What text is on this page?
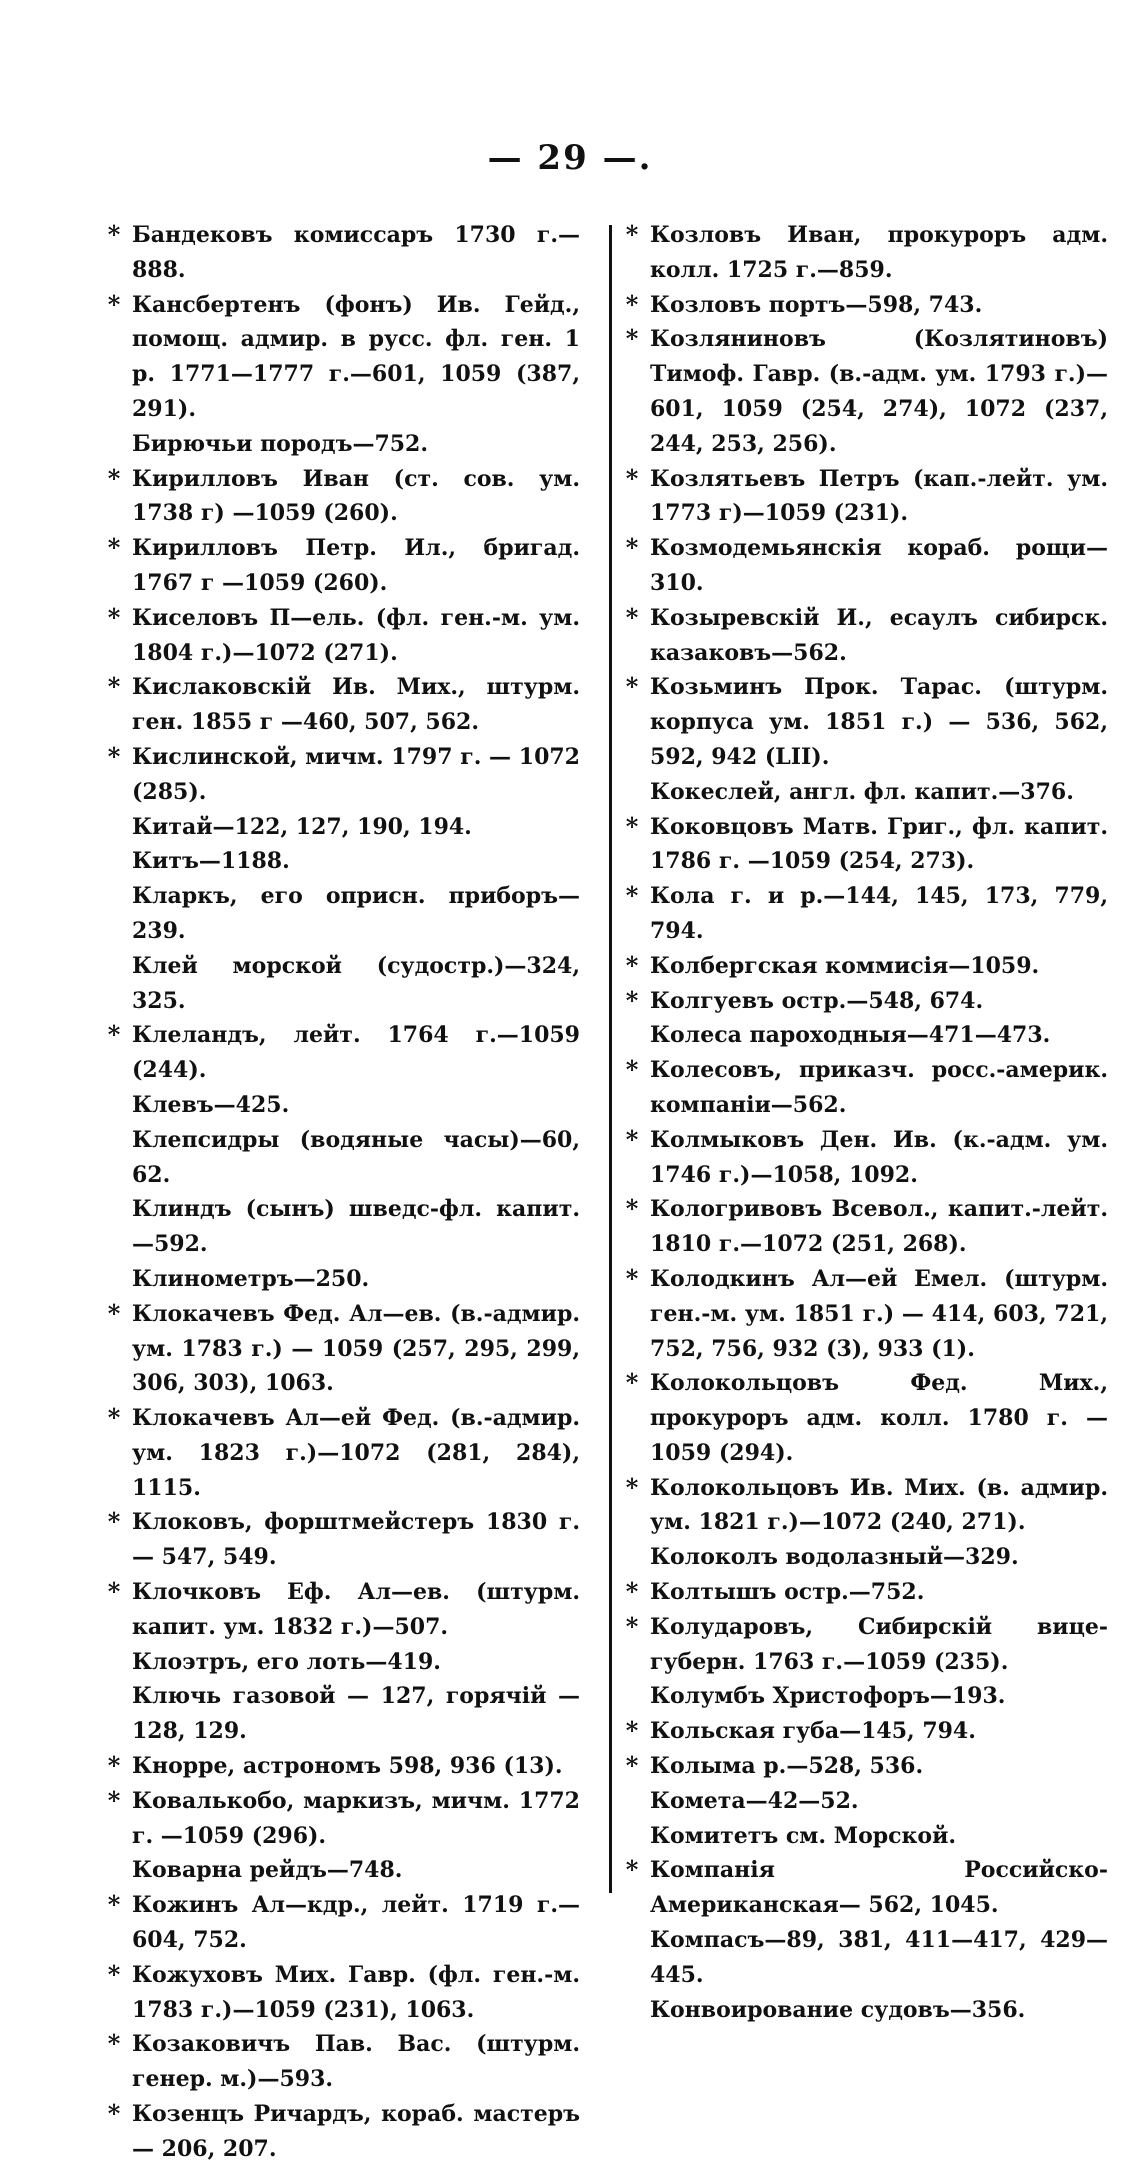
— 29 —.
* Бандековъ комиссаръ 1730 г.—888.
* Кансбертенъ (фонъ) Ив. Гейд., помощ. адмир. в русс. фл. ген. 1 р. 1771—1777 г.—601, 1059 (387, 291).
Бирючьи породъ—752.
* Кирилловъ Иван (ст. сов. ум. 1738 г) —1059 (260).
* Кирилловъ Петр. Ил., бригад. 1767 г —1059 (260).
* Киселовъ П—ель. (фл. ген.-м. ум. 1804 г.)—1072 (271).
* Кислаковскій Ив. Мих., штурм. ген. 1855 г —460, 507, 562.
* Кислинской, мичм. 1797 г. — 1072 (285).
Китай—122, 127, 190, 194.
Китъ—1188.
Кларкъ, его оприсн. приборъ—239.
Клей морской (судостр.)—324, 325.
* Клеландъ, лейт. 1764 г.—1059 (244).
Клевъ—425.
Клепсидры (водяные часы)—60, 62.
Клиндъ (сынъ) шведс-фл. капит.—592.
Клинометръ—250.
* Клокачевъ Фед. Ал—ев. (в.-адмир. ум. 1783 г.) — 1059 (257, 295, 299, 306, 303), 1063.
* Клокачевъ Ал—ей Фед. (в.-адмир. ум. 1823 г.)—1072 (281, 284), 1115.
* Клоковъ, форштмейстеръ 1830 г. — 547, 549.
* Клочковъ Еф. Ал—ев. (штурм. капит. ум. 1832 г.)—507.
Клоэтръ, его лоть—419.
Ключь газовой — 127, горячій — 128, 129.
* Кнорре, астрономъ 598, 936 (13).
* Ковалькобо, маркизъ, мичм. 1772 г. —1059 (296).
Коварна рейдъ—748.
* Кожинъ Ал—кдр., лейт. 1719 г.— 604, 752.
* Кожуховъ Мих. Гавр. (фл. ген.-м. 1783 г.)—1059 (231), 1063.
* Козаковичъ Пав. Вас. (штурм. генер. м.)—593.
* Козенцъ Ричардъ, кораб. мастеръ— 206, 207.
* Козловъ Иван, прокуроръ адм. колл. 1725 г.—859.
* Козловъ портъ—598, 743.
* Козляниновъ (Козлятиновъ) Тимоф. Гавр. (в.-адм. ум. 1793 г.)—601, 1059 (254, 274), 1072 (237, 244, 253, 256).
* Козлятьевъ Петръ (кап.-лейт. ум. 1773 г)—1059 (231).
* Козмодемьянскія кораб. рощи—310.
* Козыревскій И., есаулъ сибирск. казаковъ—562.
* Козьминъ Прок. Тарас. (штурм. корпуса ум. 1851 г.) — 536, 562, 592, 942 (LII).
Кокеслей, англ. фл. капит.—376.
* Коковцовъ Матв. Григ., фл. капит. 1786 г. —1059 (254, 273).
* Кола г. и р.—144, 145, 173, 779, 794.
* Колбергская коммисія—1059.
* Колгуевъ остр.—548, 674.
Колеса пароходныя—471—473.
* Колесовъ, приказч. росс.-америк. компаніи—562.
* Колмыковъ Ден. Ив. (к.-адм. ум. 1746 г.)—1058, 1092.
* Кологривовъ Всевол., капит.-лейт. 1810 г.—1072 (251, 268).
* Колодкинъ Ал—ей Емел. (штурм. ген.-м. ум. 1851 г.) — 414, 603, 721, 752, 756, 932 (3), 933 (1).
* Колокольцовъ Фед. Мих., прокуроръ адм. колл. 1780 г. —1059 (294).
* Колокольцовъ Ив. Мих. (в. адмир. ум. 1821 г.)—1072 (240, 271).
Колоколъ водолазный—329.
* Колтышъ остр.—752.
* Колударовъ, Сибирскій вице-губерн. 1763 г.—1059 (235).
Колумбъ Христофоръ—193.
* Кольская губа—145, 794.
* Колыма р.—528, 536.
Комета—42—52.
Комитетъ см. Морской.
* Компанія Российско-Американская— 562, 1045.
Компасъ—89, 381, 411—417, 429— 445.
Конвоирование судовъ—356.
